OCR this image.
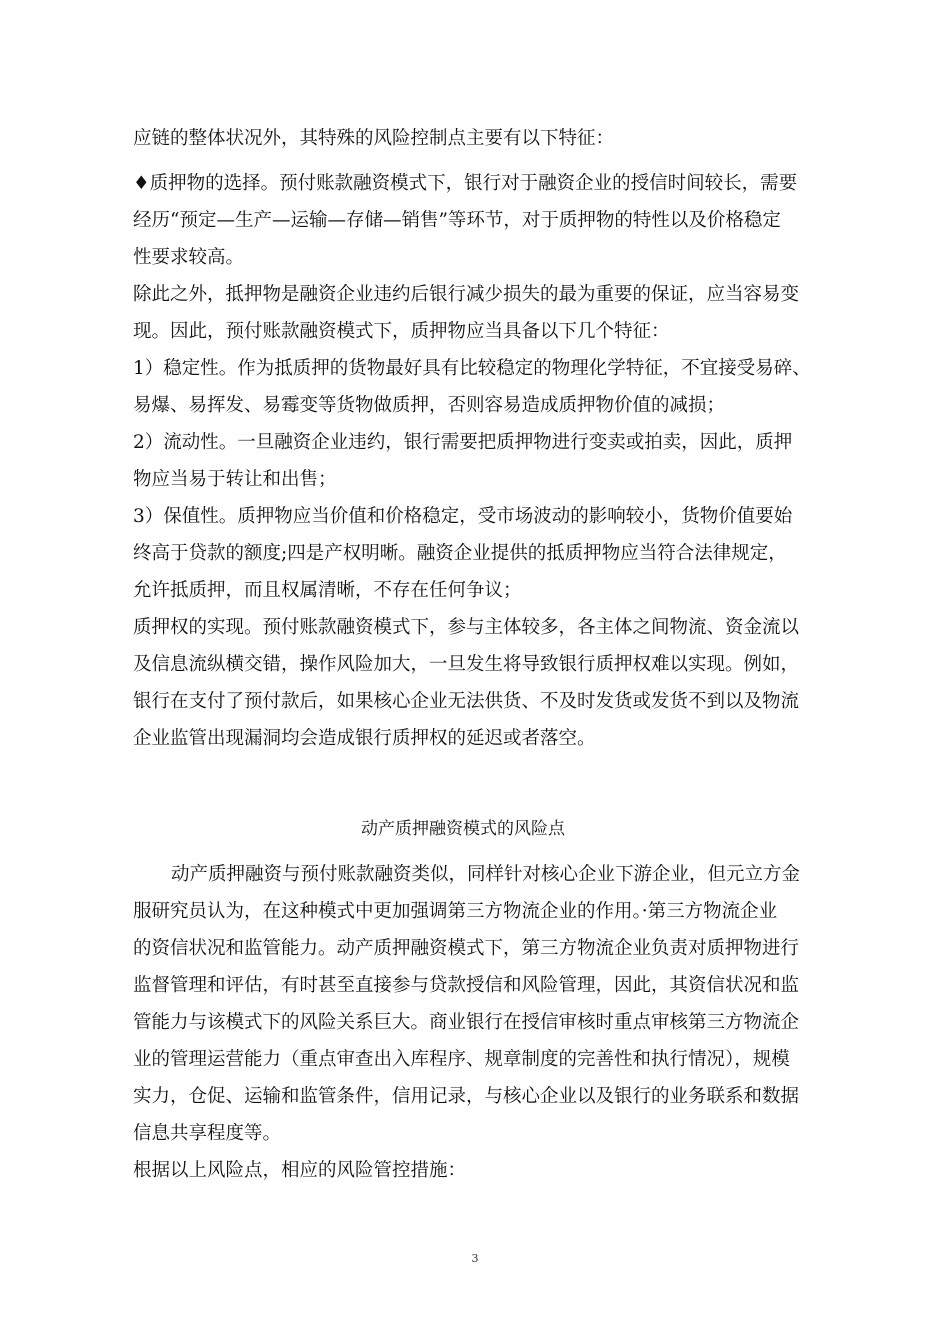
应链的整体状况外，其特殊的风险控制点主要有以下特征：
♦质押物的选择。预付账款融资模式下，银行对于融资企业的授信时间较长，需要
经历“预定—生产—运输—存储—销售”等环节，对于质押物的特性以及价格稳定
性要求较高。
除此之外，抵押物是融资企业违约后银行减少损失的最为重要的保证，应当容易变
现。因此，预付账款融资模式下，质押物应当具备以下几个特征：
1）稳定性。作为抵质押的货物最好具有比较稳定的物理化学特征，不宜接受易碎、
易爆、易挥发、易霉变等货物做质押，否则容易造成质押物价值的减损；
2）流动性。一旦融资企业违约，银行需要把质押物进行变卖或拍卖，因此，质押
物应当易于转让和出售；
3）保值性。质押物应当价值和价格稳定，受市场波动的影响较小，货物价值要始
终高于贷款的额度;四是产权明晰。融资企业提供的抵质押物应当符合法律规定，
允许抵质押，而且权属清晰，不存在任何争议；
质押权的实现。预付账款融资模式下，参与主体较多，各主体之间物流、资金流以
及信息流纵横交错，操作风险加大，一旦发生将导致银行质押权难以实现。例如，
银行在支付了预付款后，如果核心企业无法供货、不及时发货或发货不到以及物流
企业监管出现漏洞均会造成银行质押权的延迟或者落空。
动产质押融资模式的风险点
动产质押融资与预付账款融资类似，同样针对核心企业下游企业，但元立方金
服研究员认为，在这种模式中更加强调第三方物流企业的作用。·第三方物流企业
的资信状况和监管能力。动产质押融资模式下，第三方物流企业负责对质押物进行
监督管理和评估，有时甚至直接参与贷款授信和风险管理，因此，其资信状况和监
管能力与该模式下的风险关系巨大。商业银行在授信审核时重点审核第三方物流企
业的管理运营能力（重点审查出入库程序、规章制度的完善性和执行情况），规模
实力，仓促、运输和监管条件，信用记录，与核心企业以及银行的业务联系和数据
信息共享程度等。
根据以上风险点，相应的风险管控措施：
3
